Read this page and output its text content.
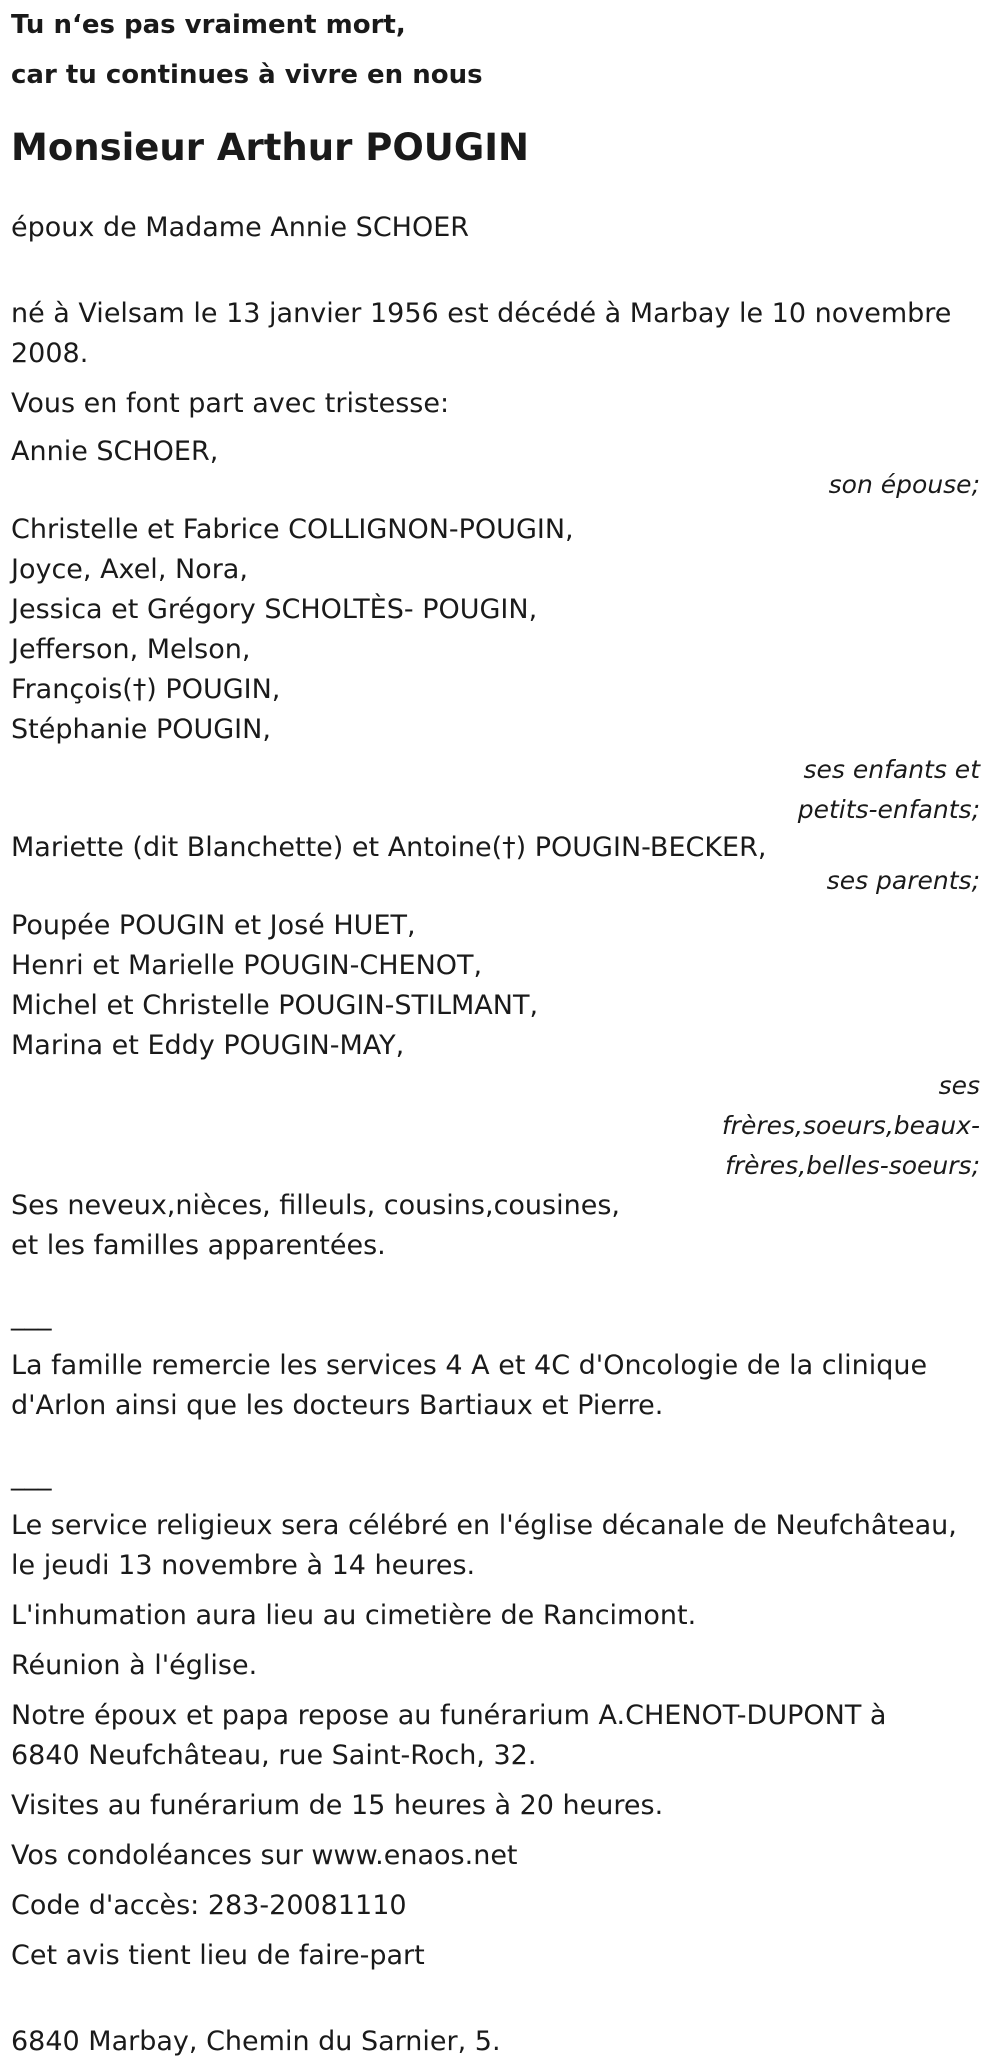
Tu n‘es pas vraiment mort,
car tu continues à vivre en nous
Monsieur Arthur POUGIN
époux de Madame Annie SCHOER
né à Vielsam le 13 janvier 1956 est décédé à Marbay le 10 novembre 2008.
Vous en font part avec tristesse:
Annie SCHOER,
son épouse;
Christelle et Fabrice COLLIGNON-POUGIN,
Joyce, Axel, Nora,
Jessica et Grégory SCHOLTÈS- POUGIN,
Jefferson, Melson,
François(†) POUGIN,
Stéphanie POUGIN,
ses enfants et
petits-enfants;
Mariette (dit Blanchette) et Antoine(†) POUGIN-BECKER,
ses parents;
Poupée POUGIN et José HUET,
Henri et Marielle POUGIN-CHENOT,
Michel et Christelle POUGIN-STILMANT,
Marina et Eddy POUGIN-MAY,
ses
frères,soeurs,beaux-
frères,belles-soeurs;
Ses neveux,nièces, filleuls, cousins,cousines,
et les familles apparentées.
___
La famille remercie les services 4 A et 4C d'Oncologie de la clinique d'Arlon ainsi que les docteurs Bartiaux et Pierre.
___
Le service religieux sera célébré en l'église décanale de Neufchâteau, le jeudi 13 novembre à 14 heures.
L'inhumation aura lieu au cimetière de Rancimont.
Réunion à l'église.
Notre époux et papa repose au funérarium A.CHENOT-DUPONT à 6840 Neufchâteau, rue Saint-Roch, 32.
Visites au funérarium de 15 heures à 20 heures.
Vos condoléances sur www.enaos.net
Code d'accès: 283-20081110
Cet avis tient lieu de faire-part
6840 Marbay, Chemin du Sarnier, 5.
